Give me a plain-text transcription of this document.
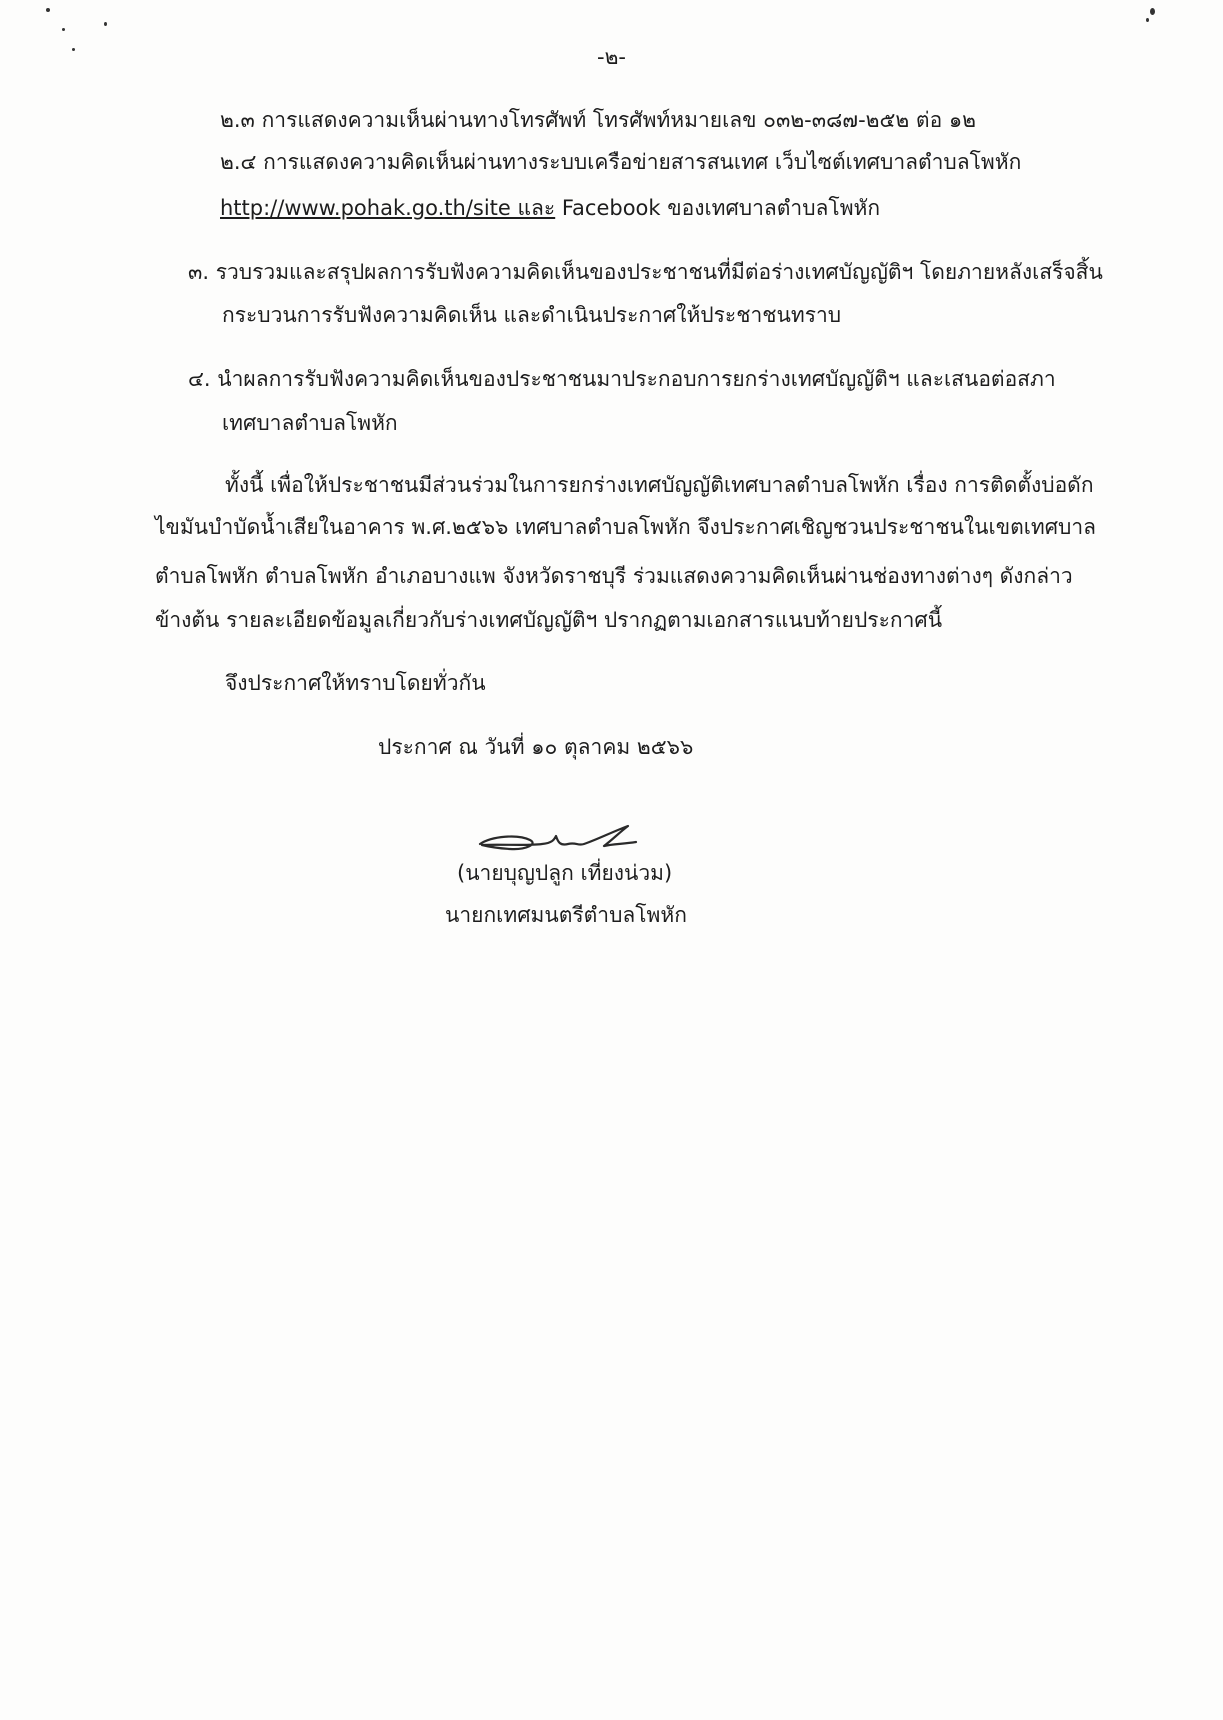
-๒-
๒.๓ การแสดงความเห็นผ่านทางโทรศัพท์ โทรศัพท์หมายเลข ๐๓๒-๓๘๗-๒๕๒ ต่อ ๑๒
๒.๔ การแสดงความคิดเห็นผ่านทางระบบเครือข่ายสารสนเทศ เว็บไซต์เทศบาลตำบลโพหัก
http://www.pohak.go.th/site และ Facebook ของเทศบาลตำบลโพหัก
๓. รวบรวมและสรุปผลการรับฟังความคิดเห็นของประชาชนที่มีต่อร่างเทศบัญญัติฯ โดยภายหลังเสร็จสิ้น
กระบวนการรับฟังความคิดเห็น และดำเนินประกาศให้ประชาชนทราบ
๔. นำผลการรับฟังความคิดเห็นของประชาชนมาประกอบการยกร่างเทศบัญญัติฯ และเสนอต่อสภา
เทศบาลตำบลโพหัก
ทั้งนี้ เพื่อให้ประชาชนมีส่วนร่วมในการยกร่างเทศบัญญัติเทศบาลตำบลโพหัก เรื่อง การติดตั้งบ่อดัก
ไขมันบำบัดน้ำเสียในอาคาร พ.ศ.๒๕๖๖ เทศบาลตำบลโพหัก จึงประกาศเชิญชวนประชาชนในเขตเทศบาล
ตำบลโพหัก ตำบลโพหัก อำเภอบางแพ จังหวัดราชบุรี ร่วมแสดงความคิดเห็นผ่านช่องทางต่างๆ ดังกล่าว
ข้างต้น รายละเอียดข้อมูลเกี่ยวกับร่างเทศบัญญัติฯ ปรากฏตามเอกสารแนบท้ายประกาศนี้
จึงประกาศให้ทราบโดยทั่วกัน
ประกาศ ณ วันที่ ๑๐ ตุลาคม ๒๕๖๖
(นายบุญปลูก เที่ยงน่วม)
นายกเทศมนตรีตำบลโพหัก
